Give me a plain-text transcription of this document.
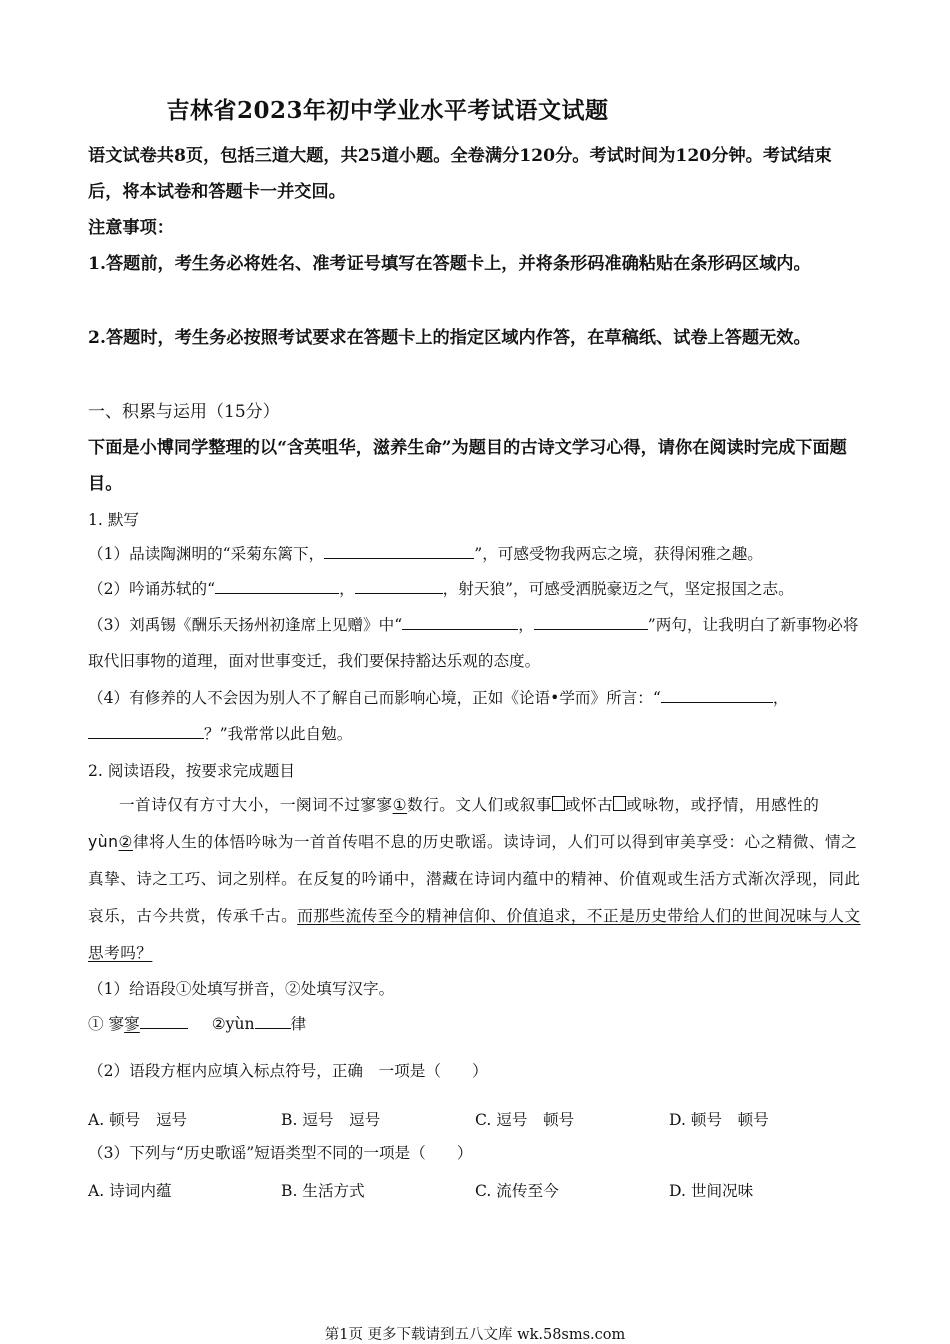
吉林省2023年初中学业水平考试语文试题
语文试卷共8页，包括三道大题，共25道小题。全卷满分120分。考试时间为120分钟。考试结束后，将本试卷和答题卡一并交回。
注意事项：
1.答题前，考生务必将姓名、准考证号填写在答题卡上，并将条形码准确粘贴在条形码区域内。
2.答题时，考生务必按照考试要求在答题卡上的指定区域内作答，在草稿纸、试卷上答题无效。
一、积累与运用（15分）
下面是小博同学整理的以“含英咀华，滋养生命”为题目的古诗文学习心得，请你在阅读时完成下面题目。
1. 默写
（1）品读陶渊明的“采菊东篱下，	”，可感受物我两忘之境，获得闲雅之趣。
（2）吟诵苏轼的“	，	，射天狼”，可感受洒脱豪迈之气，坚定报国之志。
（3）刘禹锡《酬乐天扬州初逢席上见赠》中“	，	”两句，让我明白了新事物必将取代旧事物的道理，面对世事变迁，我们要保持豁达乐观的态度。
（4）有修养的人不会因为别人不了解自己而影响心境，正如《论语•学而》所言：“	，？”我常常以此自勉。
2. 阅读语段，按要求完成题目
一首诗仅有方寸大小，一阕词不过寥寥①数行。文人们或叙事 或怀古 或咏物，或抒情，用感性的yùn②律将人生的体悟吟咏为一首首传唱不息的历史歌谣。读诗词，人们可以得到审美享受：心之精微、情之真挚、诗之工巧、词之别样。在反复的吟诵中，潜藏在诗词内蕴中的精神、价值观或生活方式渐次浮现，同此哀乐，古今共赏，传承千古。而那些流传至今的精神信仰、价值追求，不正是历史带给人们的世间况味与人文思考吗？
（1）给语段①处填写拼音，②处填写汉字。
① 寥寥	②yùn 律
（2）语段方框内应填入标点符号，正确　一项是（　　）
A. 顿号　逗号	B. 逗号　逗号	C. 逗号　顿号	D. 顿号　顿号
（3）下列与“历史歌谣”短语类型不同的一项是（　　）
A. 诗词内蕴	B. 生活方式	C. 流传至今	D. 世间况味
第1页 更多下载请到五八文库 wk.58sms.com
